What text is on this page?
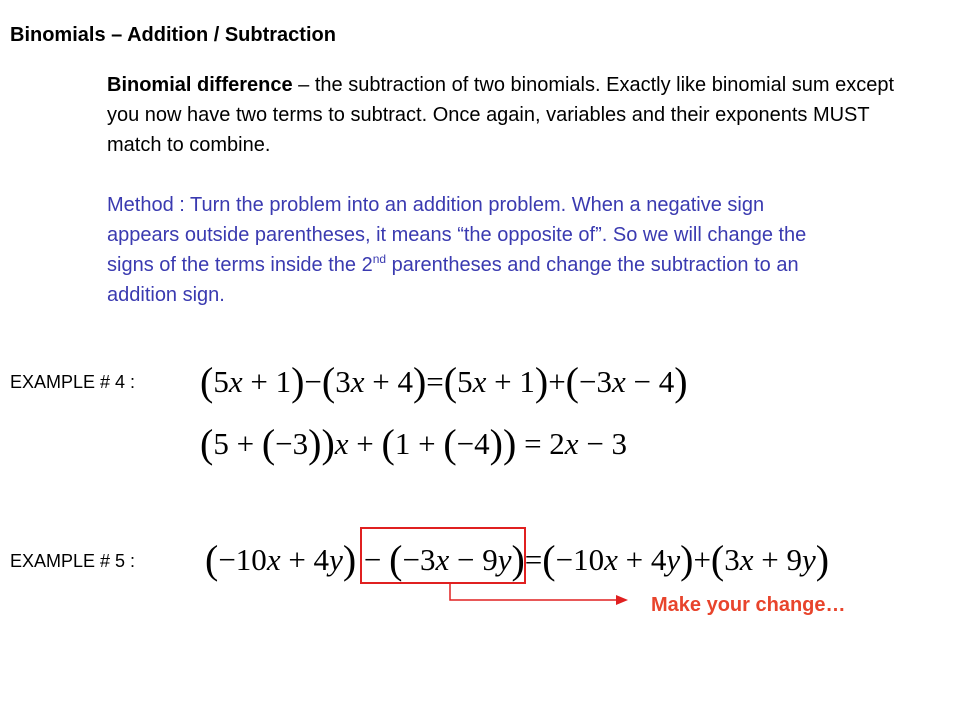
Binomials – Addition / Subtraction
Binomial difference – the subtraction of two binomials. Exactly like binomial sum except you now have two terms to subtract. Once again, variables and their exponents MUST match to combine.
Method : Turn the problem into an addition problem. When a negative sign appears outside parentheses, it means “the opposite of”. So we will change the signs of the terms inside the 2nd parentheses and change the subtraction to an addition sign.
EXAMPLE # 4 : (5x + 1)−(3x + 4)=(5x + 1)+(−3x − 4)
(5 + (−3))x + (1 + (−4)) = 2x − 3
EXAMPLE # 5 : (−10x + 4y) − (−3x − 9y)=(−10x + 4y)+(3x + 9y)
Make your change…
